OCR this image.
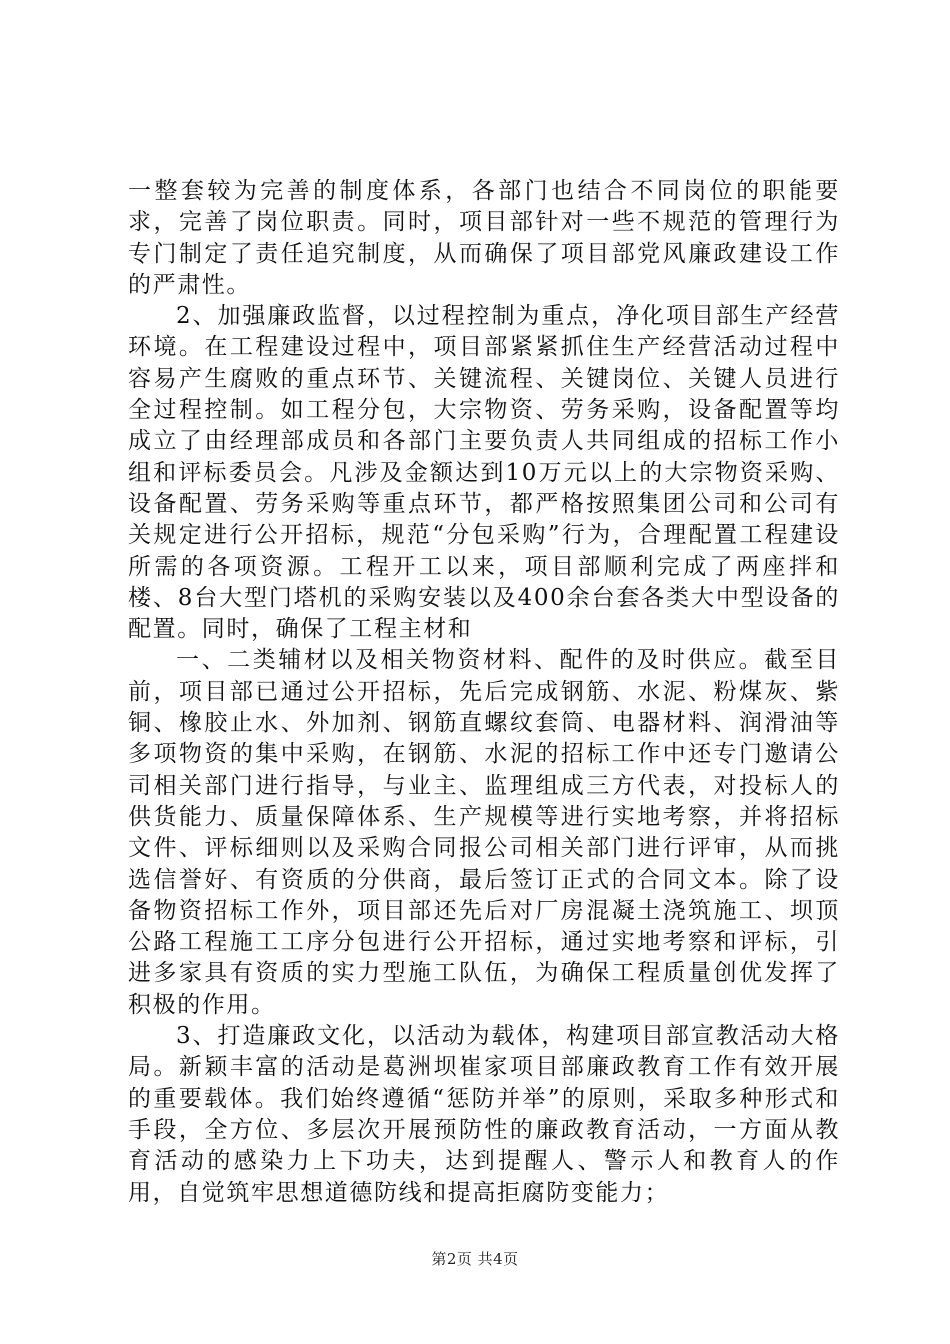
一整套较为完善的制度体系，各部门也结合不同岗位的职能要求，完善了岗位职责。同时，项目部针对一些不规范的管理行为专门制定了责任追究制度，从而确保了项目部党风廉政建设工作的严肃性。

2、加强廉政监督，以过程控制为重点，净化项目部生产经营环境。在工程建设过程中，项目部紧紧抓住生产经营活动过程中容易产生腐败的重点环节、关键流程、关键岗位、关键人员进行全过程控制。如工程分包，大宗物资、劳务采购，设备配置等均成立了由经理部成员和各部门主要负责人共同组成的招标工作小组和评标委员会。凡涉及金额达到10万元以上的大宗物资采购、设备配置、劳务采购等重点环节，都严格按照集团公司和公司有关规定进行公开招标，规范“分包采购”行为，合理配置工程建设所需的各项资源。工程开工以来，项目部顺利完成了两座拌和楼、8台大型门塔机的采购安装以及400余台套各类大中型设备的配置。同时，确保了工程主材和

一、二类辅材以及相关物资材料、配件的及时供应。截至目前，项目部已通过公开招标，先后完成钢筋、水泥、粉煤灰、紫铜、橡胶止水、外加剂、钢筋直螺纹套筒、电器材料、润滑油等多项物资的集中采购，在钢筋、水泥的招标工作中还专门邀请公司相关部门进行指导，与业主、监理组成三方代表，对投标人的供货能力、质量保障体系、生产规模等进行实地考察，并将招标文件、评标细则以及采购合同报公司相关部门进行评审，从而挑选信誉好、有资质的分供商，最后签订正式的合同文本。除了设备物资招标工作外，项目部还先后对厂房混凝土浇筑施工、坝顶公路工程施工工序分包进行公开招标，通过实地考察和评标，引进多家具有资质的实力型施工队伍，为确保工程质量创优发挥了积极的作用。

3、打造廉政文化，以活动为载体，构建项目部宣教活动大格局。新颖丰富的活动是葛洲坝崔家项目部廉政教育工作有效开展的重要载体。我们始终遵循“惩防并举”的原则，采取多种形式和手段，全方位、多层次开展预防性的廉政教育活动，一方面从教育活动的感染力上下功夫，达到提醒人、警示人和教育人的作用，自觉筑牢思想道德防线和提高拒腐防变能力；

第2页 共4页
